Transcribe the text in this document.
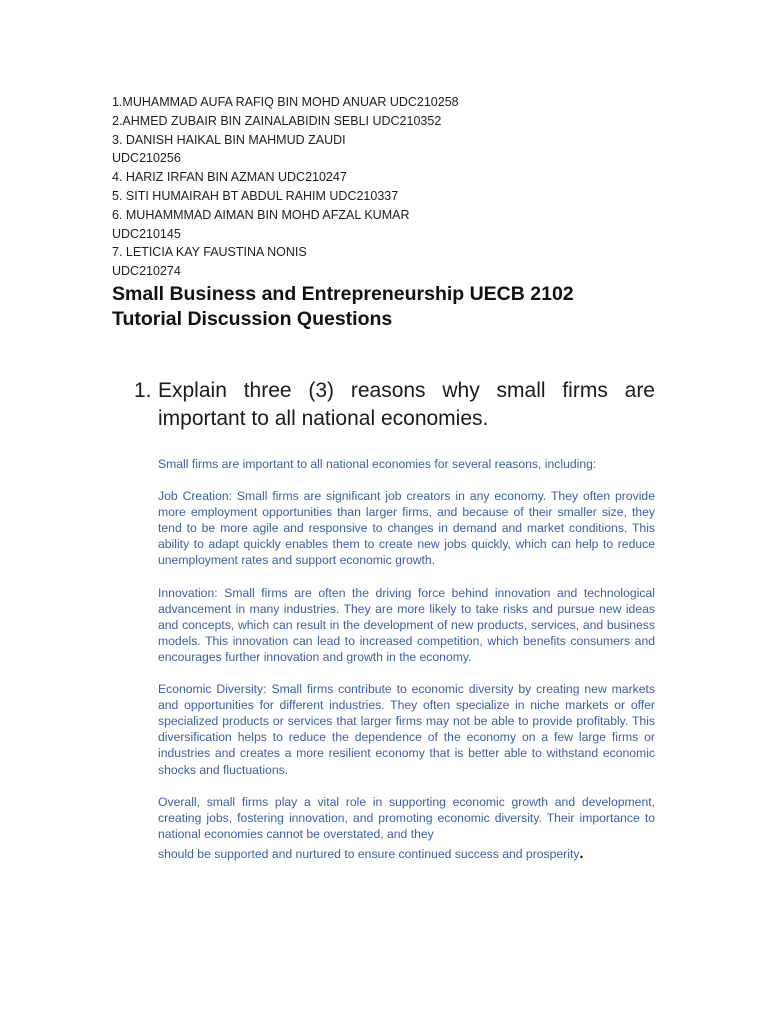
1.MUHAMMAD AUFA RAFIQ BIN MOHD ANUAR UDC210258
2.AHMED ZUBAIR BIN ZAINALABIDIN SEBLI UDC210352
3. DANISH HAIKAL BIN MAHMUD ZAUDI
UDC210256
4. HARIZ IRFAN BIN AZMAN UDC210247
5. SITI HUMAIRAH BT ABDUL RAHIM UDC210337
6. MUHAMMMAD AIMAN BIN MOHD AFZAL KUMAR
UDC210145
7. LETICIA KAY FAUSTINA NONIS
UDC210274
Small Business and Entrepreneurship UECB 2102
Tutorial Discussion Questions
1. Explain three (3) reasons why small firms are important to all national economies.

Small firms are important to all national economies for several reasons, including:

Job Creation: Small firms are significant job creators in any economy. They often provide more employment opportunities than larger firms, and because of their smaller size, they tend to be more agile and responsive to changes in demand and market conditions. This ability to adapt quickly enables them to create new jobs quickly, which can help to reduce unemployment rates and support economic growth.

Innovation: Small firms are often the driving force behind innovation and technological advancement in many industries. They are more likely to take risks and pursue new ideas and concepts, which can result in the development of new products, services, and business models. This innovation can lead to increased competition, which benefits consumers and encourages further innovation and growth in the economy.

Economic Diversity: Small firms contribute to economic diversity by creating new markets and opportunities for different industries. They often specialize in niche markets or offer specialized products or services that larger firms may not be able to provide profitably. This diversification helps to reduce the dependence of the economy on a few large firms or industries and creates a more resilient economy that is better able to withstand economic shocks and fluctuations.

Overall, small firms play a vital role in supporting economic growth and development, creating jobs, fostering innovation, and promoting economic diversity. Their importance to national economies cannot be overstated, and they

should be supported and nurtured to ensure continued success and prosperity.
